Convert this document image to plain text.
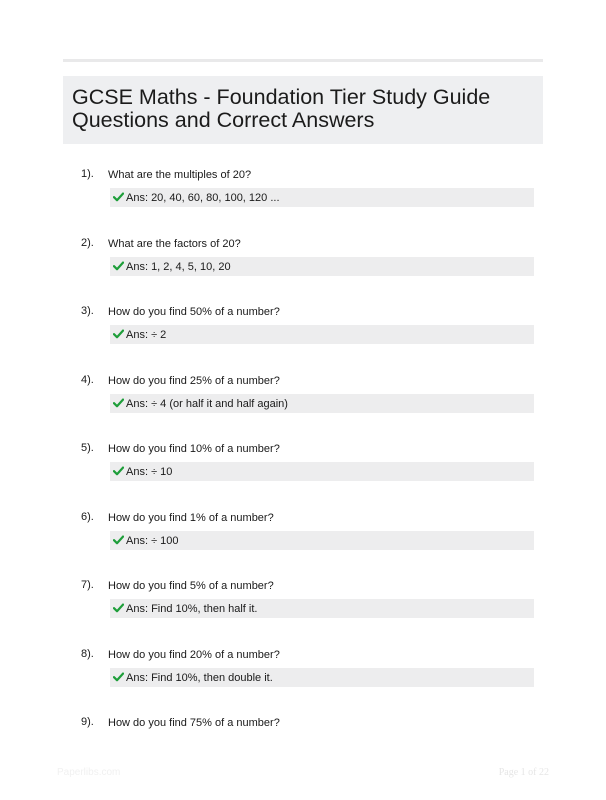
GCSE Maths - Foundation Tier Study Guide
Questions and Correct Answers
1). What are the multiples of 20?
Ans: 20, 40, 60, 80, 100, 120 ...
2). What are the factors of 20?
Ans: 1, 2, 4, 5, 10, 20
3). How do you find 50% of a number?
Ans: ÷ 2
4). How do you find 25% of a number?
Ans: ÷ 4 (or half it and half again)
5). How do you find 10% of a number?
Ans: ÷ 10
6). How do you find 1% of a number?
Ans: ÷ 100
7). How do you find 5% of a number?
Ans: Find 10%, then half it.
8). How do you find 20% of a number?
Ans: Find 10%, then double it.
9). How do you find 75% of a number?
Paperlibs.com	Page 1 of 22
